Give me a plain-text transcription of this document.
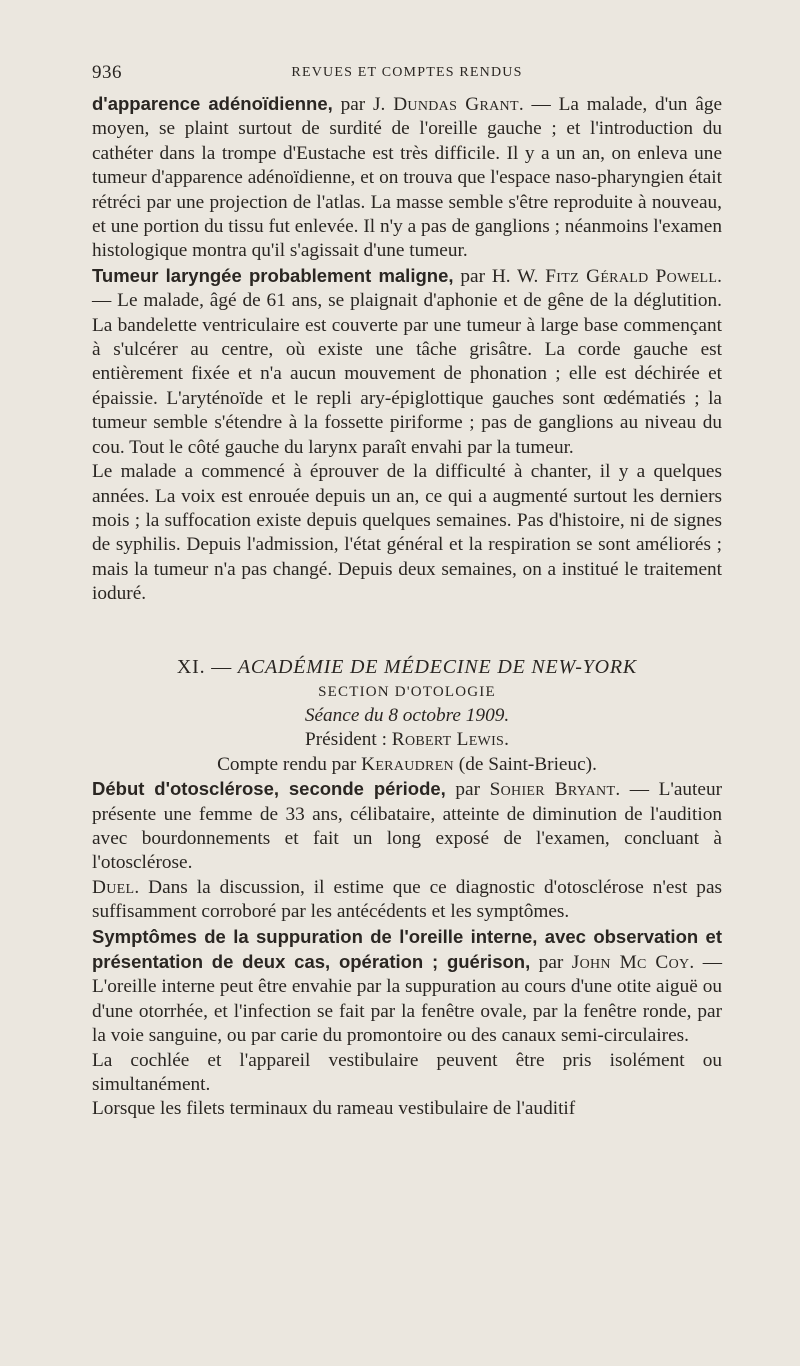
936	REVUES ET COMPTES RENDUS

d'apparence adénoïdienne, par J. Dundas Grant. — La malade, d'un âge moyen, se plaint surtout de surdité de l'oreille gauche ; et l'introduction du cathéter dans la trompe d'Eustache est très difficile. Il y a un an, on enleva une tumeur d'apparence adénoïdienne, et on trouva que l'espace naso-pharyngien était rétréci par une projection de l'atlas. La masse semble s'être reproduite à nouveau, et une portion du tissu fut enlevée. Il n'y a pas de ganglions ; néanmoins l'examen histologique montra qu'il s'agissait d'une tumeur.

Tumeur laryngée probablement maligne, par H. W. Fitz Gérald Powell. — Le malade, âgé de 61 ans, se plaignait d'aphonie et de gêne de la déglutition. La bandelette ventriculaire est couverte par une tumeur à large base commençant à s'ulcérer au centre, où existe une tâche grisâtre. La corde gauche est entièrement fixée et n'a aucun mouvement de phonation ; elle est déchirée et épaissie. L'aryténoïde et le repli ary-épiglottique gauches sont œdématiés ; la tumeur semble s'étendre à la fossette piriforme ; pas de ganglions au niveau du cou. Tout le côté gauche du larynx paraît envahi par la tumeur.

Le malade a commencé à éprouver de la difficulté à chanter, il y a quelques années. La voix est enrouée depuis un an, ce qui a augmenté surtout les derniers mois ; la suffocation existe depuis quelques semaines. Pas d'histoire, ni de signes de syphilis. Depuis l'admission, l'état général et la respiration se sont améliorés ; mais la tumeur n'a pas changé. Depuis deux semaines, on a institué le traitement ioduré.

XI. — ACADÉMIE DE MÉDECINE DE NEW-YORK

SECTION D'OTOLOGIE

Séance du 8 octobre 1909.

Président : Robert Lewis.

Compte rendu par Keraudren (de Saint-Brieuc).

Début d'otosclérose, seconde période, par Sohier Bryant. — L'auteur présente une femme de 33 ans, célibataire, atteinte de diminution de l'audition avec bourdonnements et fait un long exposé de l'examen, concluant à l'otosclérose.

Duel. Dans la discussion, il estime que ce diagnostic d'otosclérose n'est pas suffisamment corroboré par les antécédents et les symptômes.

Symptômes de la suppuration de l'oreille interne, avec observation et présentation de deux cas, opération ; guérison, par John Mc Coy. — L'oreille interne peut être envahie par la suppuration au cours d'une otite aiguë ou d'une otorrhée, et l'infection se fait par la fenêtre ovale, par la fenêtre ronde, par la voie sanguine, ou par carie du promontoire ou des canaux semi-circulaires.

La cochlée et l'appareil vestibulaire peuvent être pris isolément ou simultanément.

Lorsque les filets terminaux du rameau vestibulaire de l'auditif
